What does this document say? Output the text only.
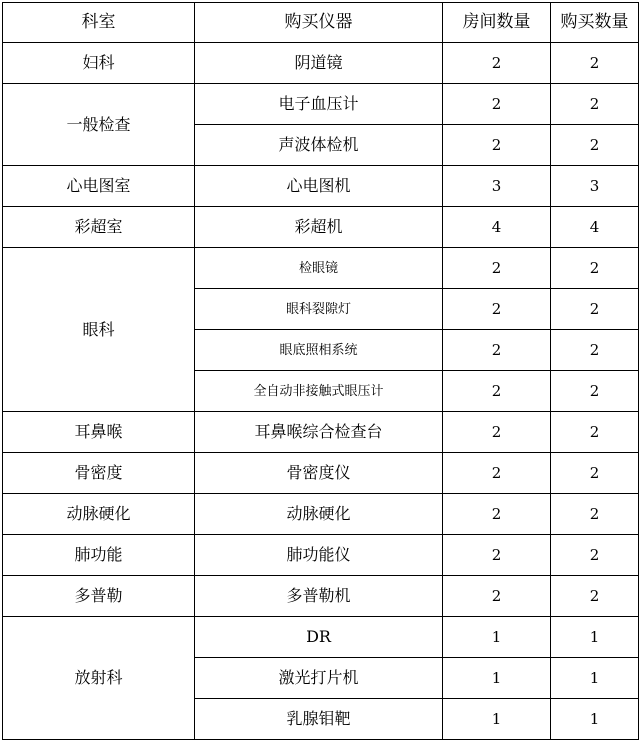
科室	购买仪器	房间数量	购买数量
妇科	阴道镜	2	2
一般检查	电子血压计	2	2
	声波体检机	2	2
心电图室	心电图机	3	3
彩超室	彩超机	4	4
眼科	检眼镜	2	2
	眼科裂隙灯	2	2
	眼底照相系统	2	2
	全自动非接触式眼压计	2	2
耳鼻喉	耳鼻喉综合检查台	2	2
骨密度	骨密度仪	2	2
动脉硬化	动脉硬化	2	2
肺功能	肺功能仪	2	2
多普勒	多普勒机	2	2
放射科	DR	1	1
	激光打片机	1	1
	乳腺钼靶	1	1
